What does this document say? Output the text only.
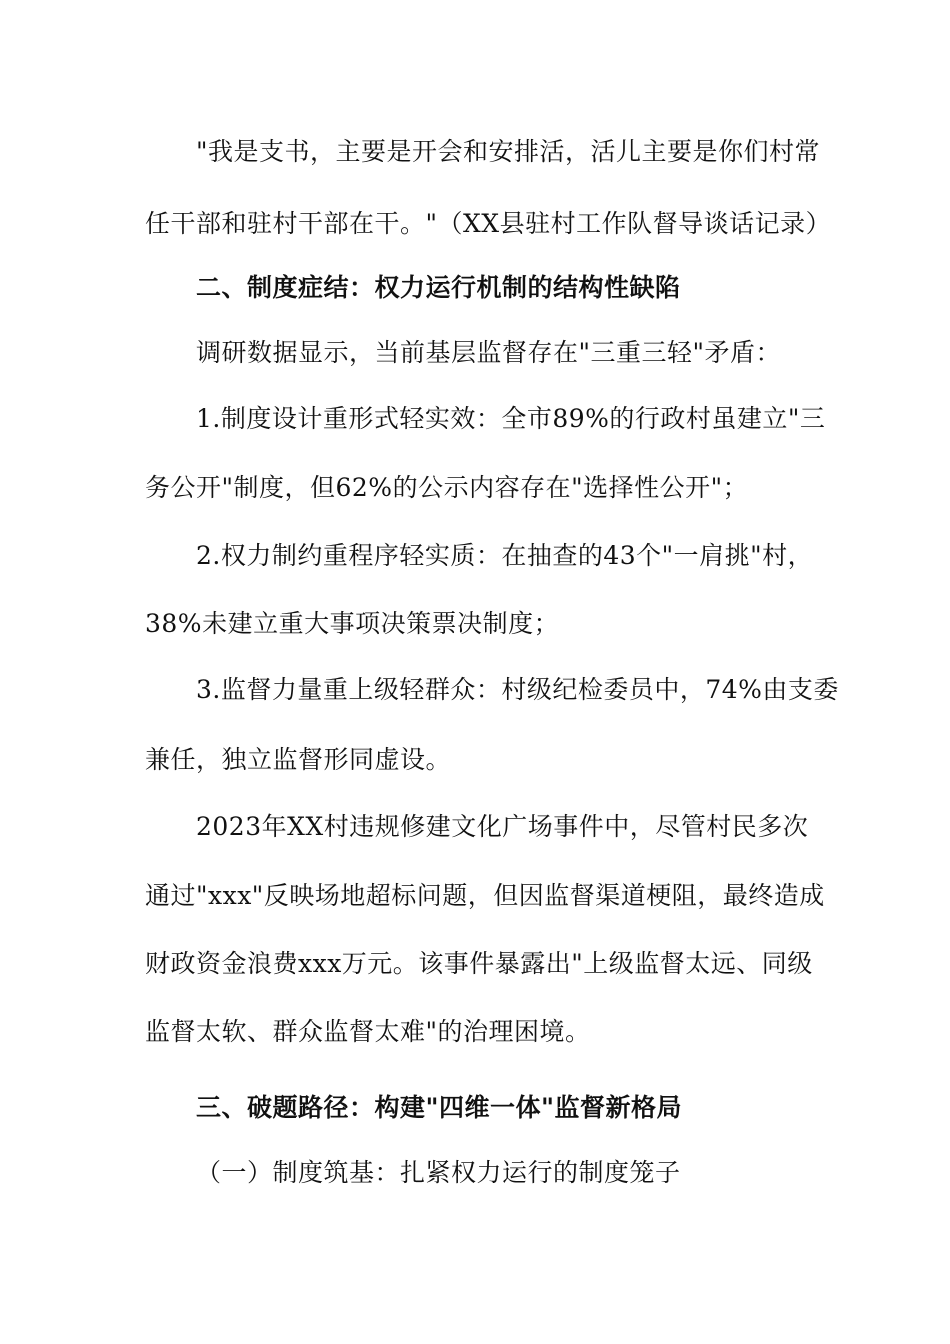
"我是支书，主要是开会和安排活，活儿主要是你们村常
任干部和驻村干部在干。"（XX县驻村工作队督导谈话记录）
二、制度症结：权力运行机制的结构性缺陷
调研数据显示，当前基层监督存在"三重三轻"矛盾：
1.制度设计重形式轻实效：全市89%的行政村虽建立"三
务公开"制度，但62%的公示内容存在"选择性公开"；
2.权力制约重程序轻实质：在抽查的43个"一肩挑"村，
38%未建立重大事项决策票决制度；
3.监督力量重上级轻群众：村级纪检委员中，74%由支委
兼任，独立监督形同虚设。
2023年XX村违规修建文化广场事件中，尽管村民多次
通过"xxx"反映场地超标问题，但因监督渠道梗阻，最终造成
财政资金浪费xxx万元。该事件暴露出"上级监督太远、同级
监督太软、群众监督太难"的治理困境。
三、破题路径：构建"四维一体"监督新格局
（一）制度筑基：扎紧权力运行的制度笼子
